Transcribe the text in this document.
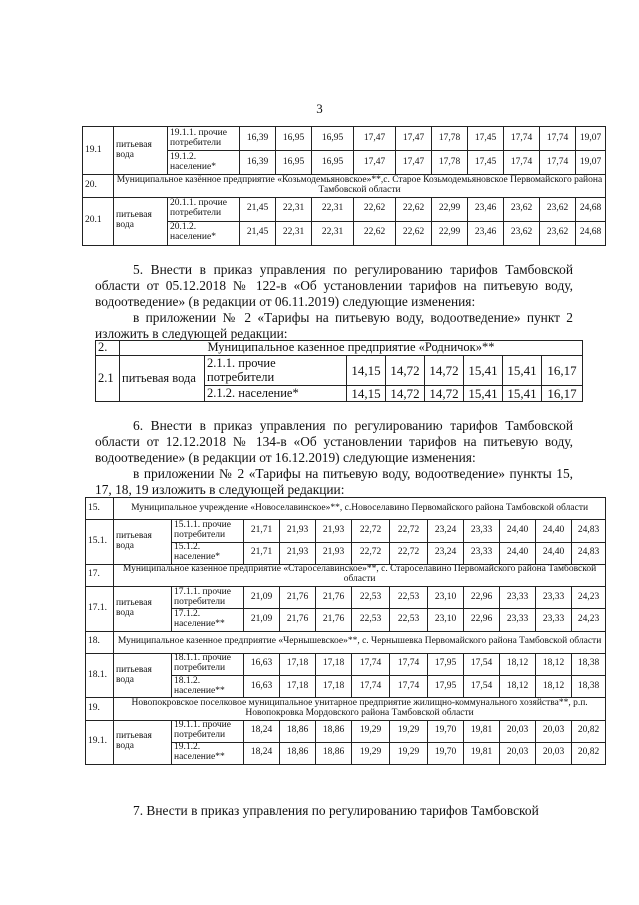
3
19.1	питьевая вода	19.1.1. прочие потребители	16,39	16,95	16,95	17,47	17,47	17,78	17,45	17,74	17,74	19,07
		19.1.2. население*	16,39	16,95	16,95	17,47	17,47	17,78	17,45	17,74	17,74	19,07
20.	Муниципальное казённое предприятие «Козьмодемьяновское»**,с. Старое Козьмодемьяновское Первомайского района Тамбовской области											
20.1	питьевая вода	20.1.1. прочие потребители	21,45	22,31	22,31	22,62	22,62	22,99	23,46	23,62	23,62	24,68
		20.1.2. население*	21,45	22,31	22,31	22,62	22,62	22,99	23,46	23,62	23,62	24,68

5. Внести в приказ управления по регулированию тарифов Тамбовской области от 05.12.2018 № 122-в «Об установлении тарифов на питьевую воду, водоотведение» (в редакции от 06.11.2019) следующие изменения:

в приложении № 2 «Тарифы на питьевую воду, водоотведение» пункт 2 изложить в следующей редакции:

2.	Муниципальное казенное предприятие «Родничок»**							
2.1	питьевая вода	2.1.1. прочие потребители	14,15	14,72	14,72	15,41	15,41	16,17
		2.1.2. население*	14,15	14,72	14,72	15,41	15,41	16,17

6. Внести в приказ управления по регулированию тарифов Тамбовской области от 12.12.2018 № 134-в «Об установлении тарифов на питьевую воду, водоотведение» (в редакции от 16.12.2019) следующие изменения:

в приложении № 2 «Тарифы на питьевую воду, водоотведение» пункты 15, 17, 18, 19 изложить в следующей редакции:

15.	Муниципальное учреждение «Новоселавинское»**, с.Новоселавино Первомайского района Тамбовской области											
15.1.	питьевая вода	15.1.1. прочие потребители	21,71	21,93	21,93	22,72	22,72	23,24	23,33	24,40	24,40	24,83
		15.1.2. население*	21,71	21,93	21,93	22,72	22,72	23,24	23,33	24,40	24,40	24,83
17.	Муниципальное казенное предприятие «Староселавинское»**, с. Староселавино Первомайского района Тамбовской области											
17.1.	питьевая вода	17.1.1. прочие потребители	21,09	21,76	21,76	22,53	22,53	23,10	22,96	23,33	23,33	24,23
		17.1.2. население**	21,09	21,76	21,76	22,53	22,53	23,10	22,96	23,33	23,33	24,23
18.	Муниципальное казенное предприятие «Чернышевское»**, с. Чернышевка Первомайского района Тамбовской области											
18.1.	питьевая вода	18.1.1. прочие потребители	16,63	17,18	17,18	17,74	17,74	17,95	17,54	18,12	18,12	18,38
		18.1.2. население**	16,63	17,18	17,18	17,74	17,74	17,95	17,54	18,12	18,12	18,38
19.	Новопокровское поселковое муниципальное унитарное предприятие жилищно-коммунального хозяйства**, р.п. Новопокровка Мордовского района Тамбовской области											
19.1.	питьевая вода	19.1.1. прочие потребители	18,24	18,86	18,86	19,29	19,29	19,70	19,81	20,03	20,03	20,82
		19.1.2. население**	18,24	18,86	18,86	19,29	19,29	19,70	19,81	20,03	20,03	20,82

7. Внести в приказ управления по регулированию тарифов Тамбовской
